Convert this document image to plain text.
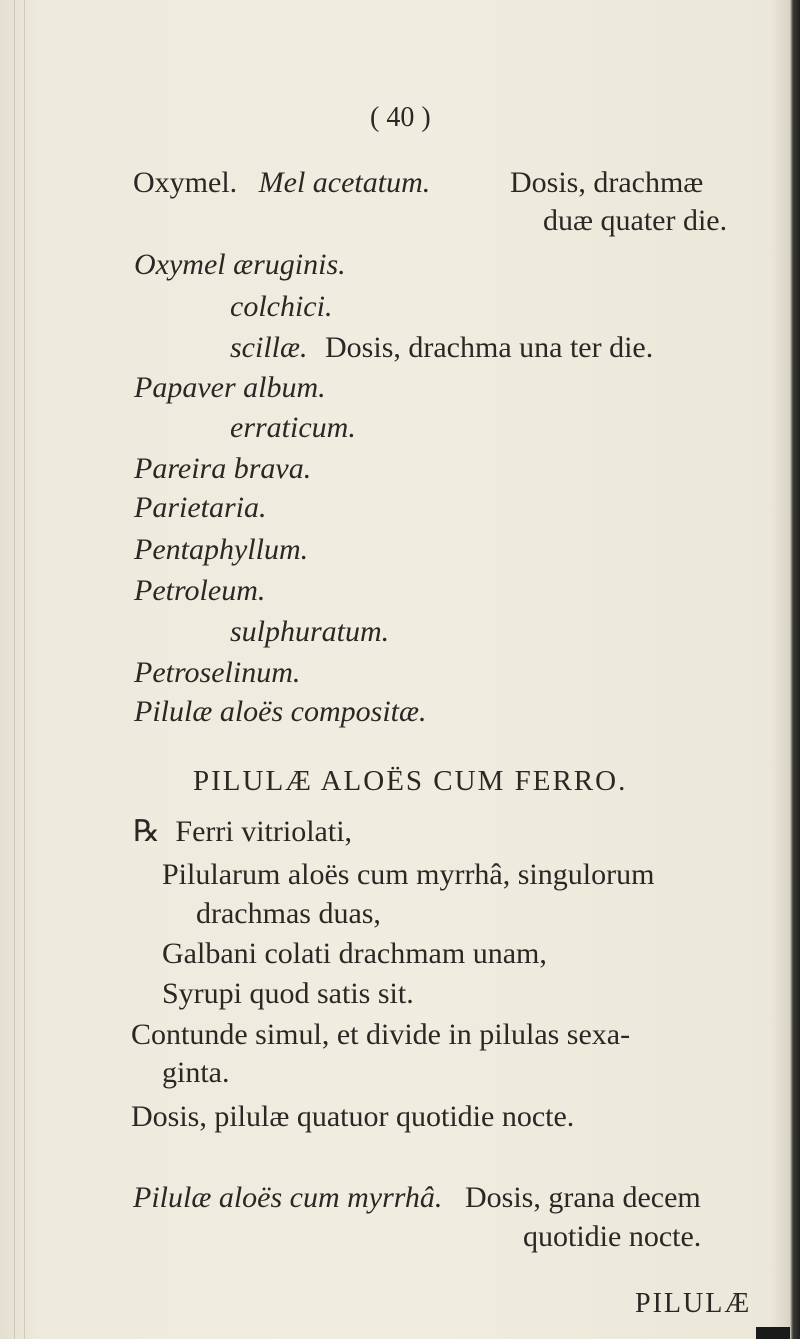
( 40 )
Oxymel. Mel acetatum.	Dosis, drachmæ
duæ quater die.
Oxymel æruginis.
colchici.
scillæ. Dosis, drachma una ter die.
Papaver album.
erraticum.
Pareira brava.
Parietaria.
Pentaphyllum.
Petroleum.
sulphuratum.
Petroselinum.
Pilulæ aloës compositæ.
PILULÆ ALOËS CUM FERRO.
℞ Ferri vitriolati,
Pilularum aloës cum myrrhâ, singulorum
drachmas duas,
Galbani colati drachmam unam,
Syrupi quod satis sit.
Contunde simul, et divide in pilulas sexa-
ginta.
Dosis, pilulæ quatuor quotidie nocte.
Pilulæ aloës cum myrrhâ. Dosis, grana decem
quotidie nocte.
PILULÆ
